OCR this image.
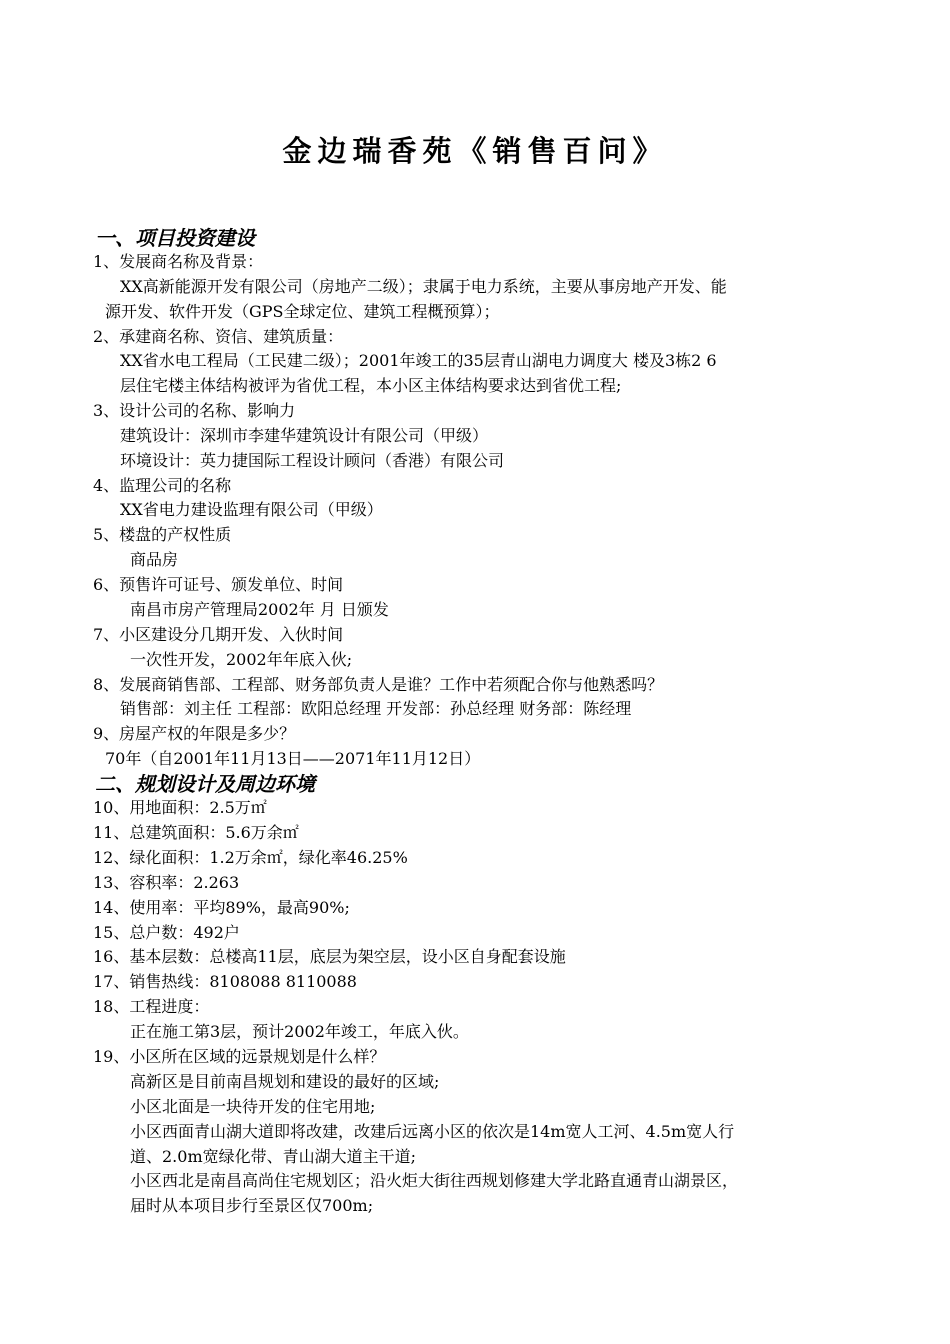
金边瑞香苑《销售百问》
一、项目投资建设
1、发展商名称及背景：
XX高新能源开发有限公司（房地产二级）；隶属于电力系统，主要从事房地产开发、能
源开发、软件开发（GPS全球定位、建筑工程概预算）；
2、承建商名称、资信、建筑质量：
XX省水电工程局（工民建二级）；2001年竣工的35层青山湖电力调度大 楼及3栋2 6
层住宅楼主体结构被评为省优工程，本小区主体结构要求达到省优工程;
3、设计公司的名称、影响力
建筑设计：深圳市李建华建筑设计有限公司（甲级）
环境设计：英力捷国际工程设计顾问（香港）有限公司
4、监理公司的名称
XX省电力建设监理有限公司（甲级）
5、楼盘的产权性质
商品房
6、预售许可证号、颁发单位、时间
南昌市房产管理局2002年 月 日颁发
7、小区建设分几期开发、入伙时间
一次性开发，2002年年底入伙;
8、发展商销售部、工程部、财务部负责人是谁？工作中若须配合你与他熟悉吗？
销售部：刘主任 工程部：欧阳总经理 开发部：孙总经理 财务部：陈经理
9、房屋产权的年限是多少？
70年（自2001年11月13日——2071年11月12日）
二、规划设计及周边环境
10、用地面积：2.5万㎡
11、总建筑面积：5.6万余㎡
12、绿化面积：1.2万余㎡，绿化率46.25%
13、容积率：2.263
14、使用率：平均89%，最高90%;
15、总户数：492户
16、基本层数：总楼高11层，底层为架空层，设小区自身配套设施
17、销售热线：8108088 8110088
18、工程进度：
正在施工第3层，预计2002年竣工，年底入伙。
19、小区所在区域的远景规划是什么样？
高新区是目前南昌规划和建设的最好的区域;
小区北面是一块待开发的住宅用地;
小区西面青山湖大道即将改建，改建后远离小区的依次是14m宽人工河、4.5m宽人行
道、2.0m宽绿化带、青山湖大道主干道;
小区西北是南昌高尚住宅规划区；沿火炬大街往西规划修建大学北路直通青山湖景区，
届时从本项目步行至景区仅700m;
